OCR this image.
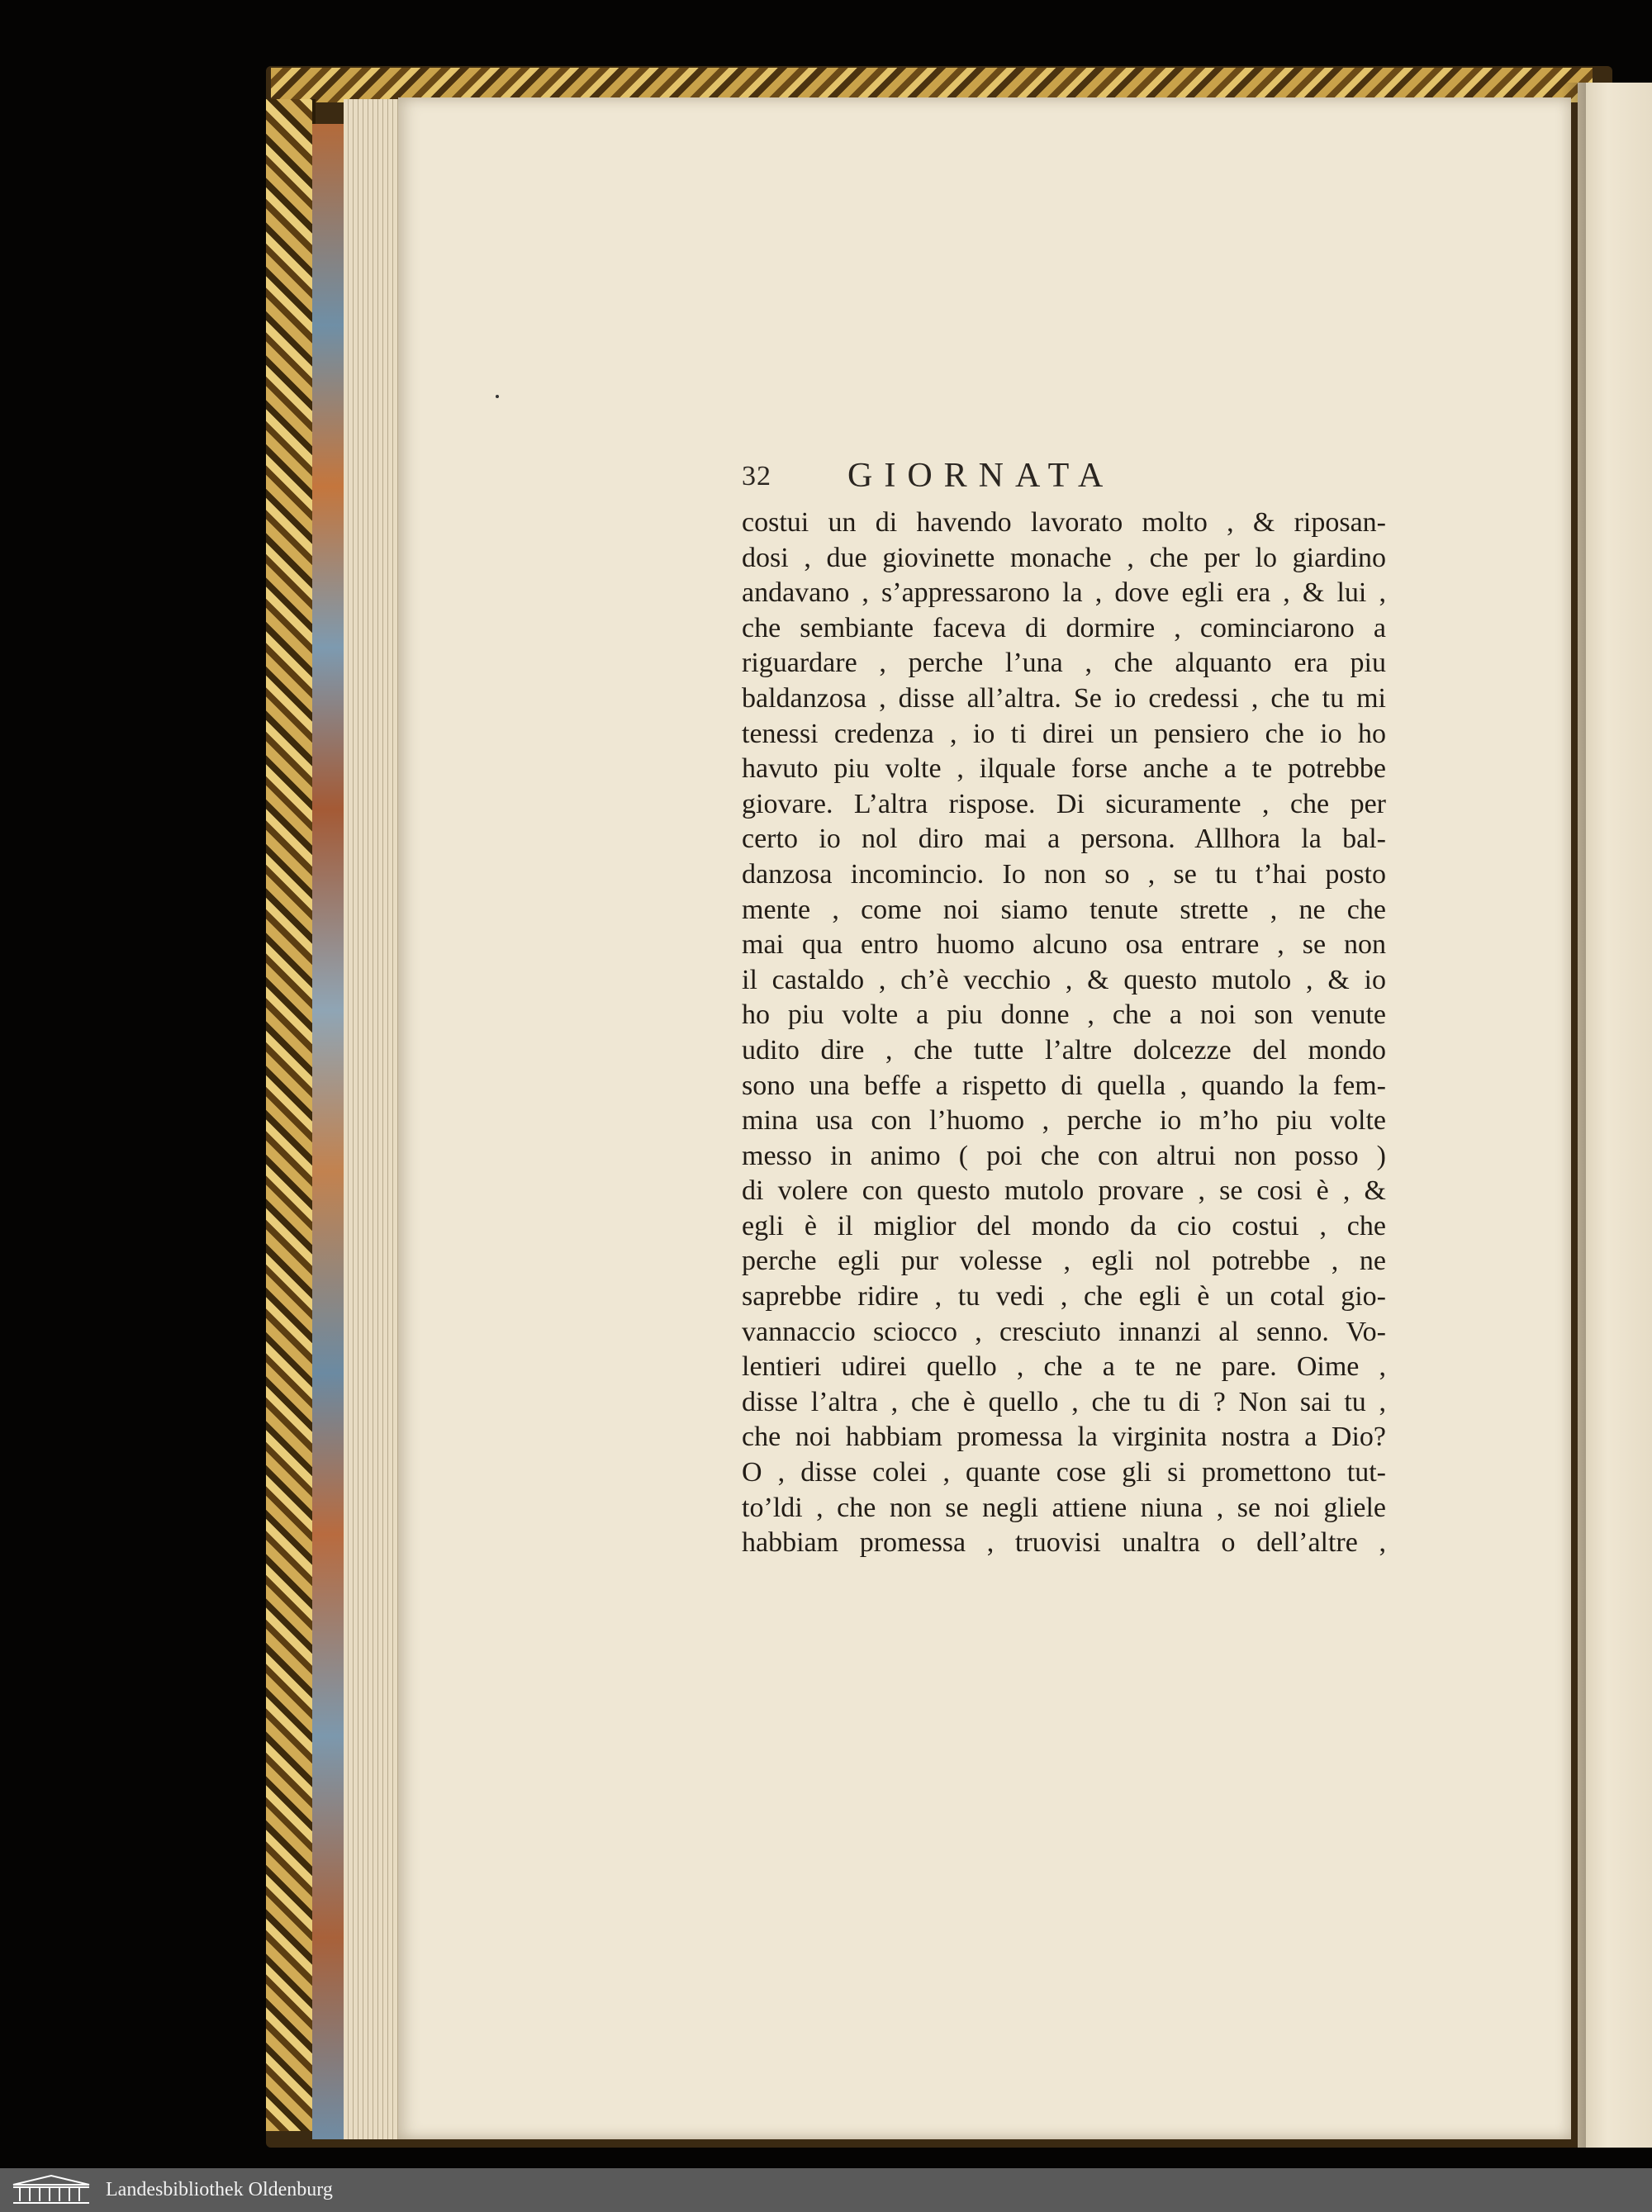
32 GIORNATA
costui un di havendo lavorato molto , & riposan-
dosi , due giovinette monache , che per lo giardino
andavano , s’appressarono la , dove egli era , & lui ,
che sembiante faceva di dormire , cominciarono a
riguardare , perche l’una , che alquanto era piu
baldanzosa , disse all’altra. Se io credessi , che tu mi
tenessi credenza , io ti direi un pensiero che io ho
havuto piu volte , ilquale forse anche a te potrebbe
giovare. L’altra rispose. Di sicuramente , che per
certo io nol diro mai a persona. Allhora la bal-
danzosa incomincio. Io non so , se tu t’hai posto
mente , come noi siamo tenute strette , ne che
mai qua entro huomo alcuno osa entrare , se non
il castaldo , ch’è vecchio , & questo mutolo , & io
ho piu volte a piu donne , che a noi son venute
udito dire , che tutte l’altre dolcezze del mondo
sono una beffe a rispetto di quella , quando la fem-
mina usa con l’huomo , perche io m’ho piu volte
messo in animo ( poi che con altrui non posso )
di volere con questo mutolo provare , se cosi è , &
egli è il miglior del mondo da cio costui , che
perche egli pur volesse , egli nol potrebbe , ne
saprebbe ridire , tu vedi , che egli è un cotal gio-
vannaccio sciocco , cresciuto innanzi al senno. Vo-
lentieri udirei quello , che a te ne pare. Oime ,
disse l’altra , che è quello , che tu di ? Non sai tu ,
che noi habbiam promessa la virginita nostra a Dio?
O , disse colei , quante cose gli si promettono tut-
to’ldi , che non se negli attiene niuna , se noi gliele
habbiam promessa , truovisi unaltra o dell’altre ,
Landesbibliothek Oldenburg
